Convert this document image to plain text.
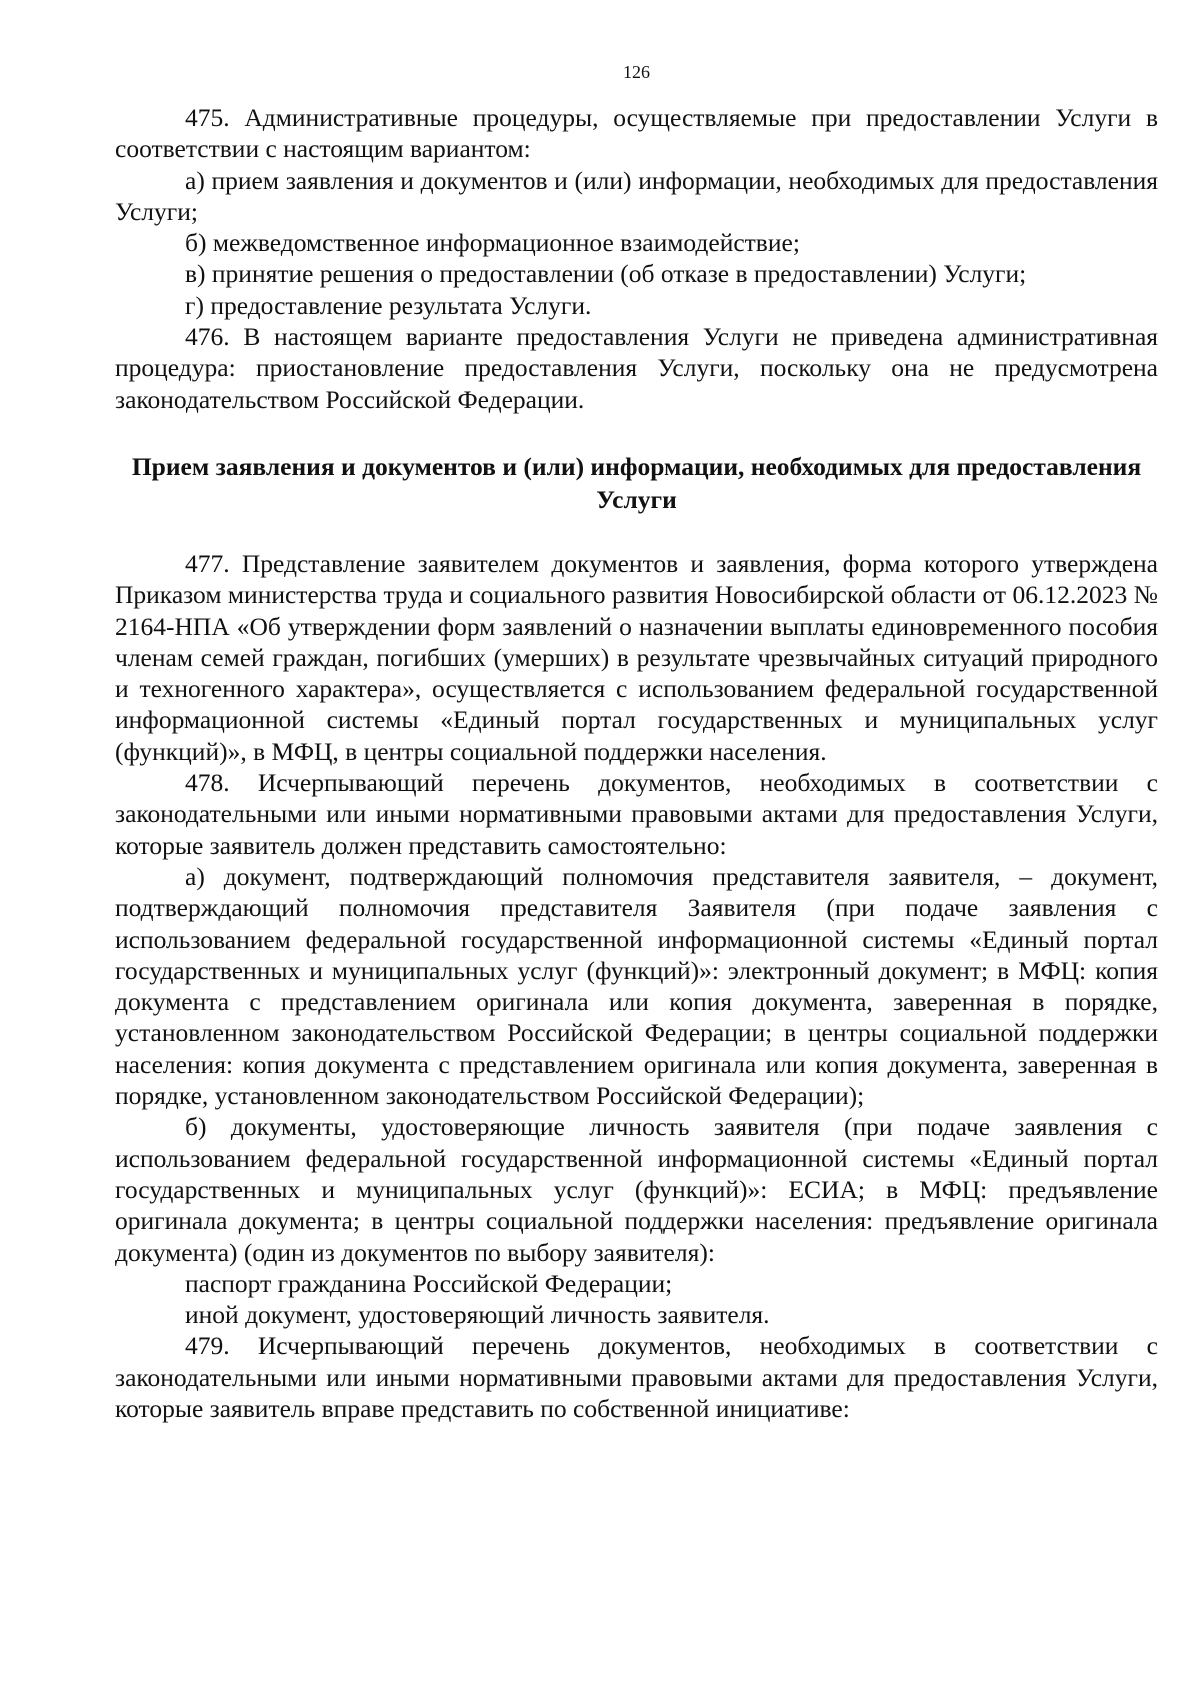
126

475. Административные процедуры, осуществляемые при предоставлении Услуги в соответствии с настоящим вариантом:

а) прием заявления и документов и (или) информации, необходимых для предоставления Услуги;

б) межведомственное информационное взаимодействие;

в) принятие решения о предоставлении (об отказе в предоставлении) Услуги;

г) предоставление результата Услуги.

476. В настоящем варианте предоставления Услуги не приведена административная процедура: приостановление предоставления Услуги, поскольку она не предусмотрена законодательством Российской Федерации.

Прием заявления и документов и (или) информации, необходимых для предоставления Услуги

477. Представление заявителем документов и заявления, форма которого утверждена Приказом министерства труда и социального развития Новосибирской области от 06.12.2023 № 2164-НПА «Об утверждении форм заявлений о назначении выплаты единовременного пособия членам семей граждан, погибших (умерших) в результате чрезвычайных ситуаций природного и техногенного характера», осуществляется с использованием федеральной государственной информационной системы «Единый портал государственных и муниципальных услуг (функций)», в МФЦ, в центры социальной поддержки населения.

478. Исчерпывающий перечень документов, необходимых в соответствии с законодательными или иными нормативными правовыми актами для предоставления Услуги, которые заявитель должен представить самостоятельно:

а) документ, подтверждающий полномочия представителя заявителя, – документ, подтверждающий полномочия представителя Заявителя (при подаче заявления с использованием федеральной государственной информационной системы «Единый портал государственных и муниципальных услуг (функций)»: электронный документ; в МФЦ: копия документа с представлением оригинала или копия документа, заверенная в порядке, установленном законодательством Российской Федерации; в центры социальной поддержки населения: копия документа с представлением оригинала или копия документа, заверенная в порядке, установленном законодательством Российской Федерации);

б) документы, удостоверяющие личность заявителя (при подаче заявления с использованием федеральной государственной информационной системы «Единый портал государственных и муниципальных услуг (функций)»: ЕСИА; в МФЦ: предъявление оригинала документа; в центры социальной поддержки населения: предъявление оригинала документа) (один из документов по выбору заявителя):

паспорт гражданина Российской Федерации;

иной документ, удостоверяющий личность заявителя.

479. Исчерпывающий перечень документов, необходимых в соответствии с законодательными или иными нормативными правовыми актами для предоставления Услуги, которые заявитель вправе представить по собственной инициативе:
